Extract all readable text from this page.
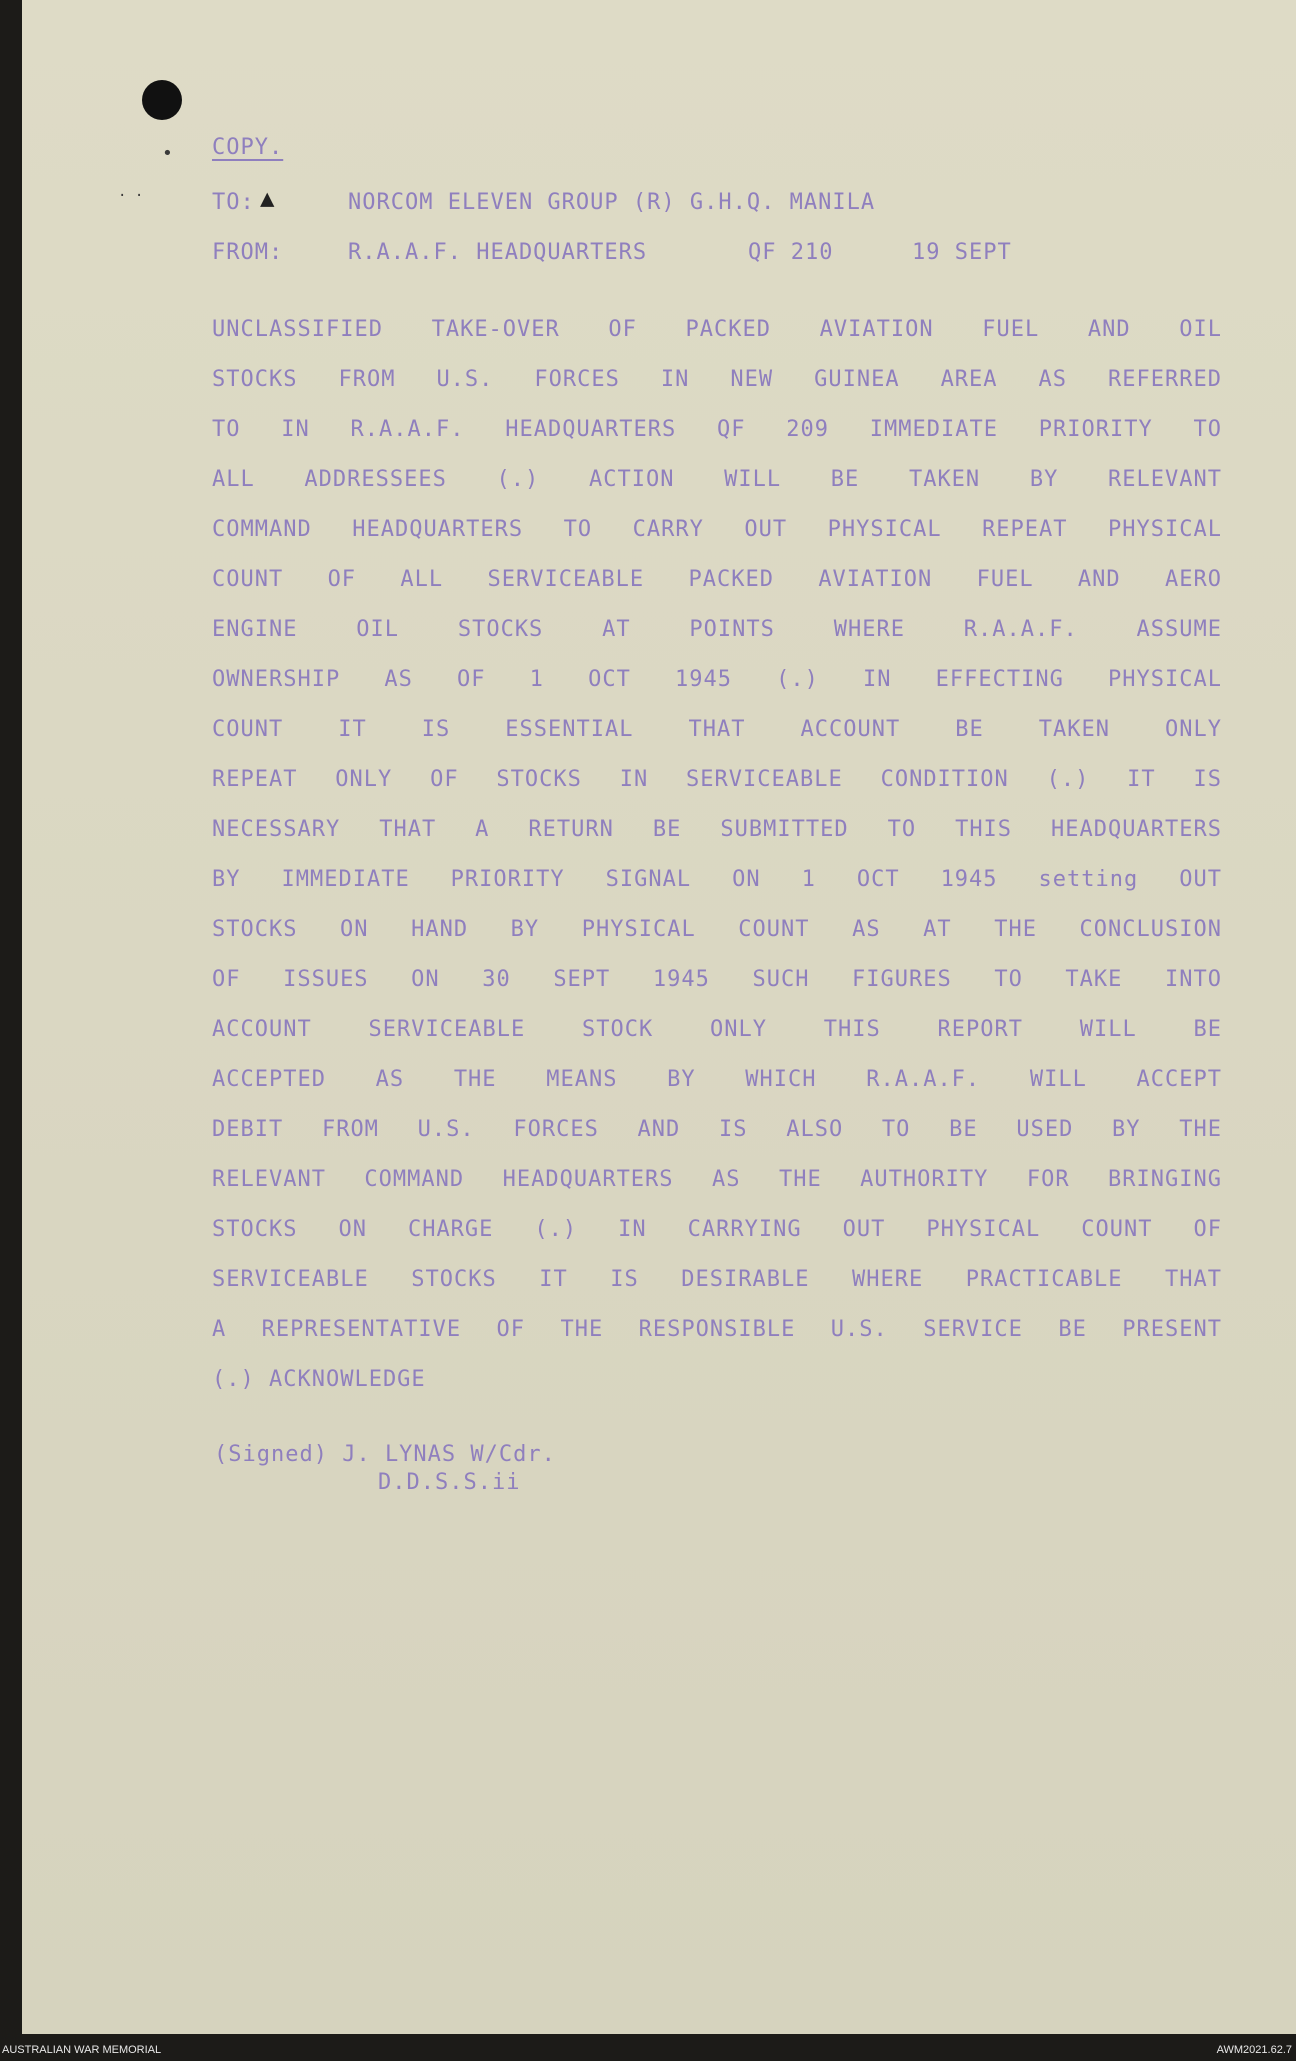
•
· ·	▲
COPY.
TO:	NORCOM ELEVEN GROUP (R) G.H.Q. MANILA
FROM:	R.A.A.F. HEADQUARTERS	QF 210	19 SEPT
UNCLASSIFIED TAKE-OVER OF PACKED AVIATION FUEL AND OIL
STOCKS FROM U.S. FORCES IN NEW GUINEA AREA AS REFERRED
TO IN R.A.A.F. HEADQUARTERS QF 209 IMMEDIATE PRIORITY TO
ALL ADDRESSEES (.) ACTION WILL BE TAKEN BY RELEVANT
COMMAND HEADQUARTERS TO CARRY OUT PHYSICAL REPEAT PHYSICAL
COUNT OF ALL SERVICEABLE PACKED AVIATION FUEL AND AERO
ENGINE OIL STOCKS AT POINTS WHERE R.A.A.F. ASSUME
OWNERSHIP AS OF 1 OCT 1945 (.) IN EFFECTING PHYSICAL
COUNT IT IS ESSENTIAL THAT ACCOUNT BE TAKEN ONLY
REPEAT ONLY OF STOCKS IN SERVICEABLE CONDITION (.) IT IS
NECESSARY THAT A RETURN BE SUBMITTED TO THIS HEADQUARTERS
BY IMMEDIATE PRIORITY SIGNAL ON 1 OCT 1945 setting OUT
STOCKS ON HAND BY PHYSICAL COUNT AS AT THE CONCLUSION
OF ISSUES ON 30 SEPT 1945 SUCH FIGURES TO TAKE INTO
ACCOUNT SERVICEABLE STOCK ONLY THIS REPORT WILL BE
ACCEPTED AS THE MEANS BY WHICH R.A.A.F. WILL ACCEPT
DEBIT FROM U.S. FORCES AND IS ALSO TO BE USED BY THE
RELEVANT COMMAND HEADQUARTERS AS THE AUTHORITY FOR BRINGING
STOCKS ON CHARGE (.) IN CARRYING OUT PHYSICAL COUNT OF
SERVICEABLE STOCKS IT IS DESIRABLE WHERE PRACTICABLE THAT
A REPRESENTATIVE OF THE RESPONSIBLE U.S. SERVICE BE PRESENT
(.) ACKNOWLEDGE
(Signed) J. LYNAS W/Cdr.
D.D.S.S.ii
AUSTRALIAN WAR MEMORIAL	AWM2021.62.7
